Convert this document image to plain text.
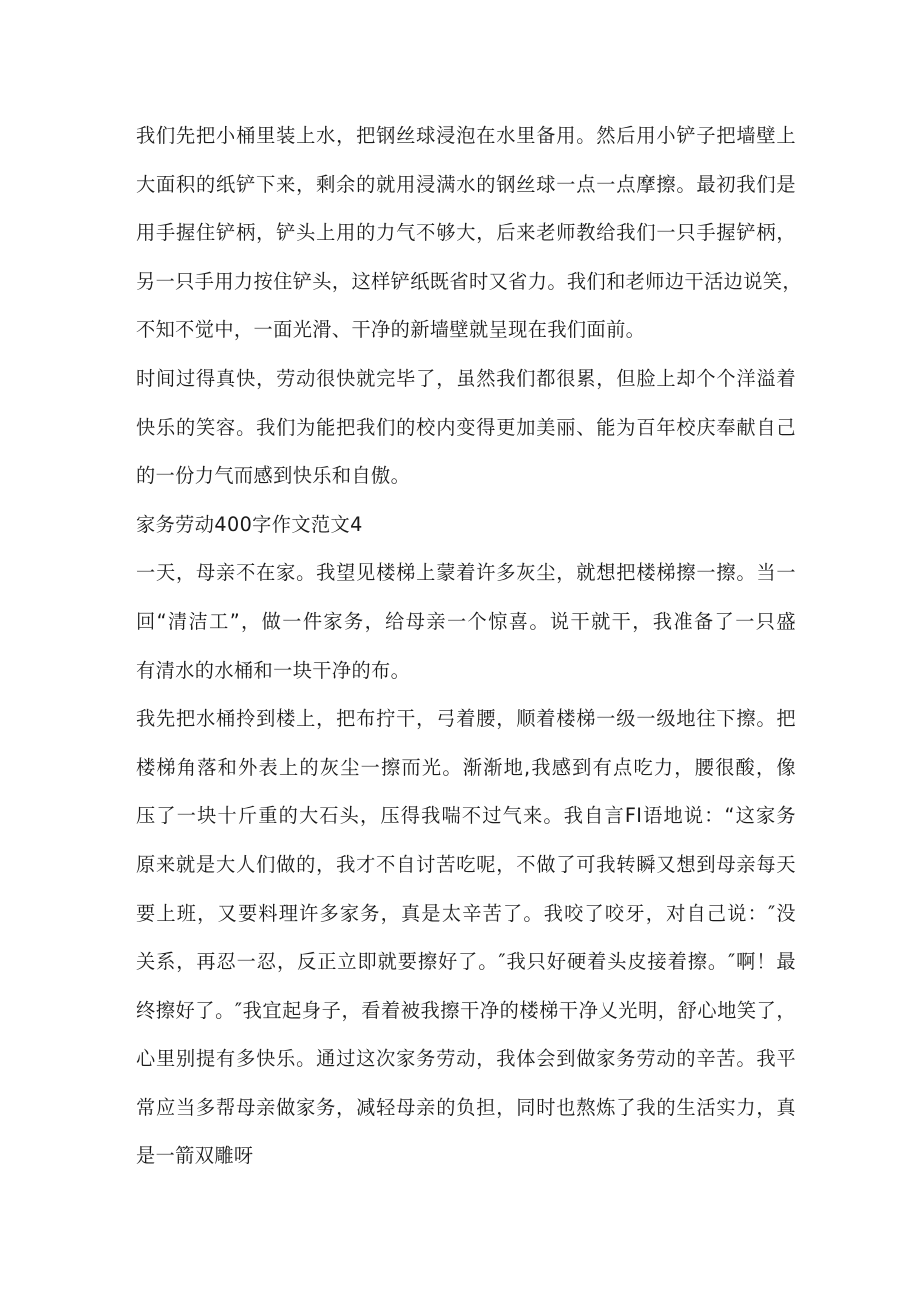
我们先把小桶里装上水，把钢丝球浸泡在水里备用。然后用小铲子把墙壁上
大面积的纸铲下来，剩余的就用浸满水的钢丝球一点一点摩擦。最初我们是
用手握住铲柄，铲头上用的力气不够大，后来老师教给我们一只手握铲柄，
另一只手用力按住铲头，这样铲纸既省时又省力。我们和老师边干活边说笑，
不知不觉中，一面光滑、干净的新墙壁就呈现在我们面前。

时间过得真快，劳动很快就完毕了，虽然我们都很累，但脸上却个个洋溢着
快乐的笑容。我们为能把我们的校内变得更加美丽、能为百年校庆奉献自己
的一份力气而感到快乐和自傲。

家务劳动400字作文范文4

一天，母亲不在家。我望见楼梯上蒙着许多灰尘，就想把楼梯擦一擦。当一
回“清洁工”，做一件家务，给母亲一个惊喜。说干就干，我准备了一只盛
有清水的水桶和一块干净的布。

我先把水桶拎到楼上，把布拧干，弓着腰，顺着楼梯一级一级地往下擦。把
楼梯角落和外表上的灰尘一擦而光。渐渐地,我感到有点吃力，腰很酸，像
压了一块十斤重的大石头，压得我喘不过气来。我自言FI语地说：“这家务
原来就是大人们做的，我才不自讨苦吃呢，不做了可我转瞬又想到母亲每天
要上班，又要料理许多家务，真是太辛苦了。我咬了咬牙，对自己说：″没
关系，再忍一忍，反正立即就要擦好了。″我只好硬着头皮接着擦。″啊！最
终擦好了。″我宜起身子，看着被我擦干净的楼梯干净乂光明，舒心地笑了，
心里别提有多快乐。通过这次家务劳动，我体会到做家务劳动的辛苦。我平
常应当多帮母亲做家务，减轻母亲的负担，同时也熬炼了我的生活实力，真
是一箭双雕呀
